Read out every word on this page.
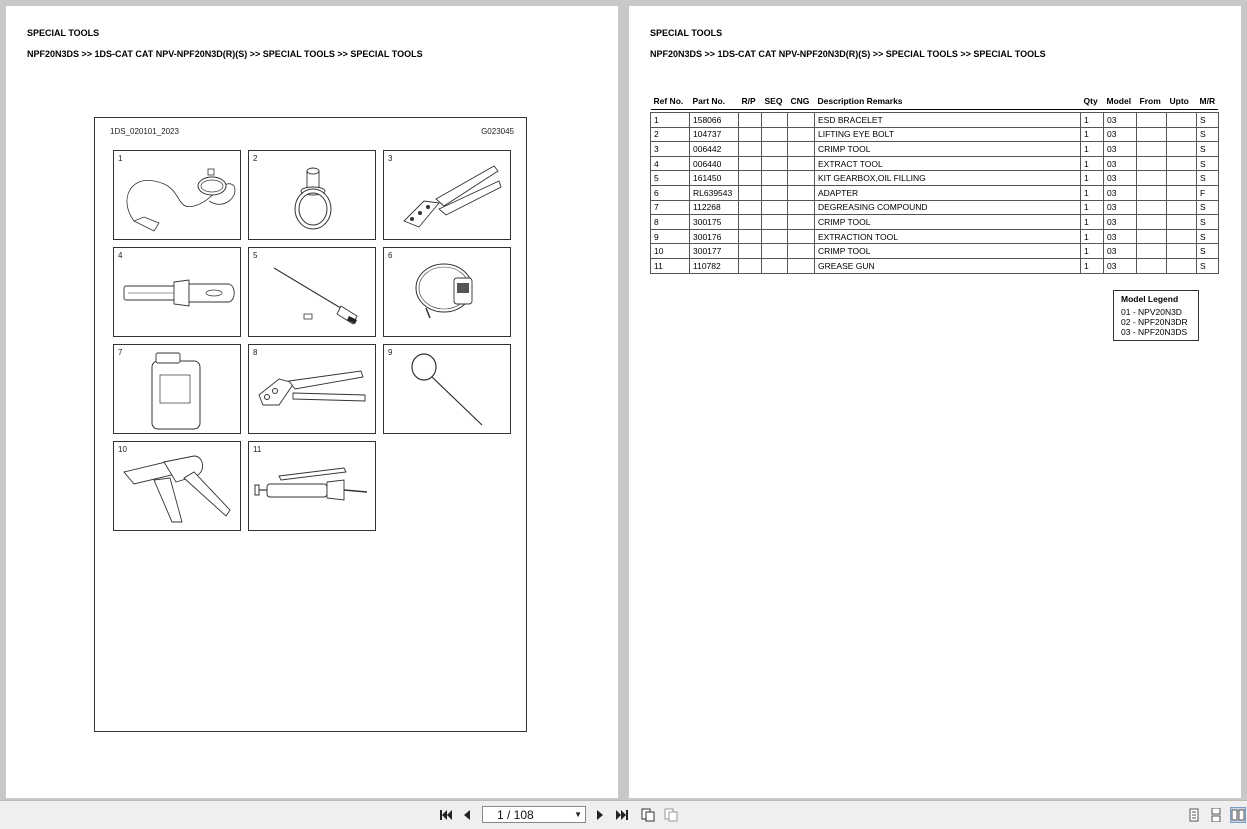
SPECIAL TOOLS
NPF20N3DS >> 1DS-CAT CAT NPV-NPF20N3D(R)(S) >> SPECIAL TOOLS >> SPECIAL TOOLS
1DS_020101_2023	G023045
1	2	3
4	5	6
7	8	9
10	11
SPECIAL TOOLS
NPF20N3DS >> 1DS-CAT CAT NPV-NPF20N3D(R)(S) >> SPECIAL TOOLS >> SPECIAL TOOLS
Ref No.	Part No.	R/P	SEQ	CNG	Description Remarks	Qty	Model	From	Upto	M/R

1	158066				ESD BRACELET	1	03			S
2	104737				LIFTING EYE BOLT	1	03			S
3	006442				CRIMP TOOL	1	03			S
4	006440				EXTRACT TOOL	1	03			S
5	161450				KIT GEARBOX,OIL FILLING	1	03			S
6	RL639543				ADAPTER	1	03			F
7	112268				DEGREASING COMPOUND	1	03			S
8	300175				CRIMP TOOL	1	03			S
9	300176				EXTRACTION TOOL	1	03			S
10	300177				CRIMP TOOL	1	03			S
11	110782				GREASE GUN	1	03			S
Model Legend
01 - NPV20N3D
02 - NPF20N3DR
03 - NPF20N3DS
1 / 108	▼
